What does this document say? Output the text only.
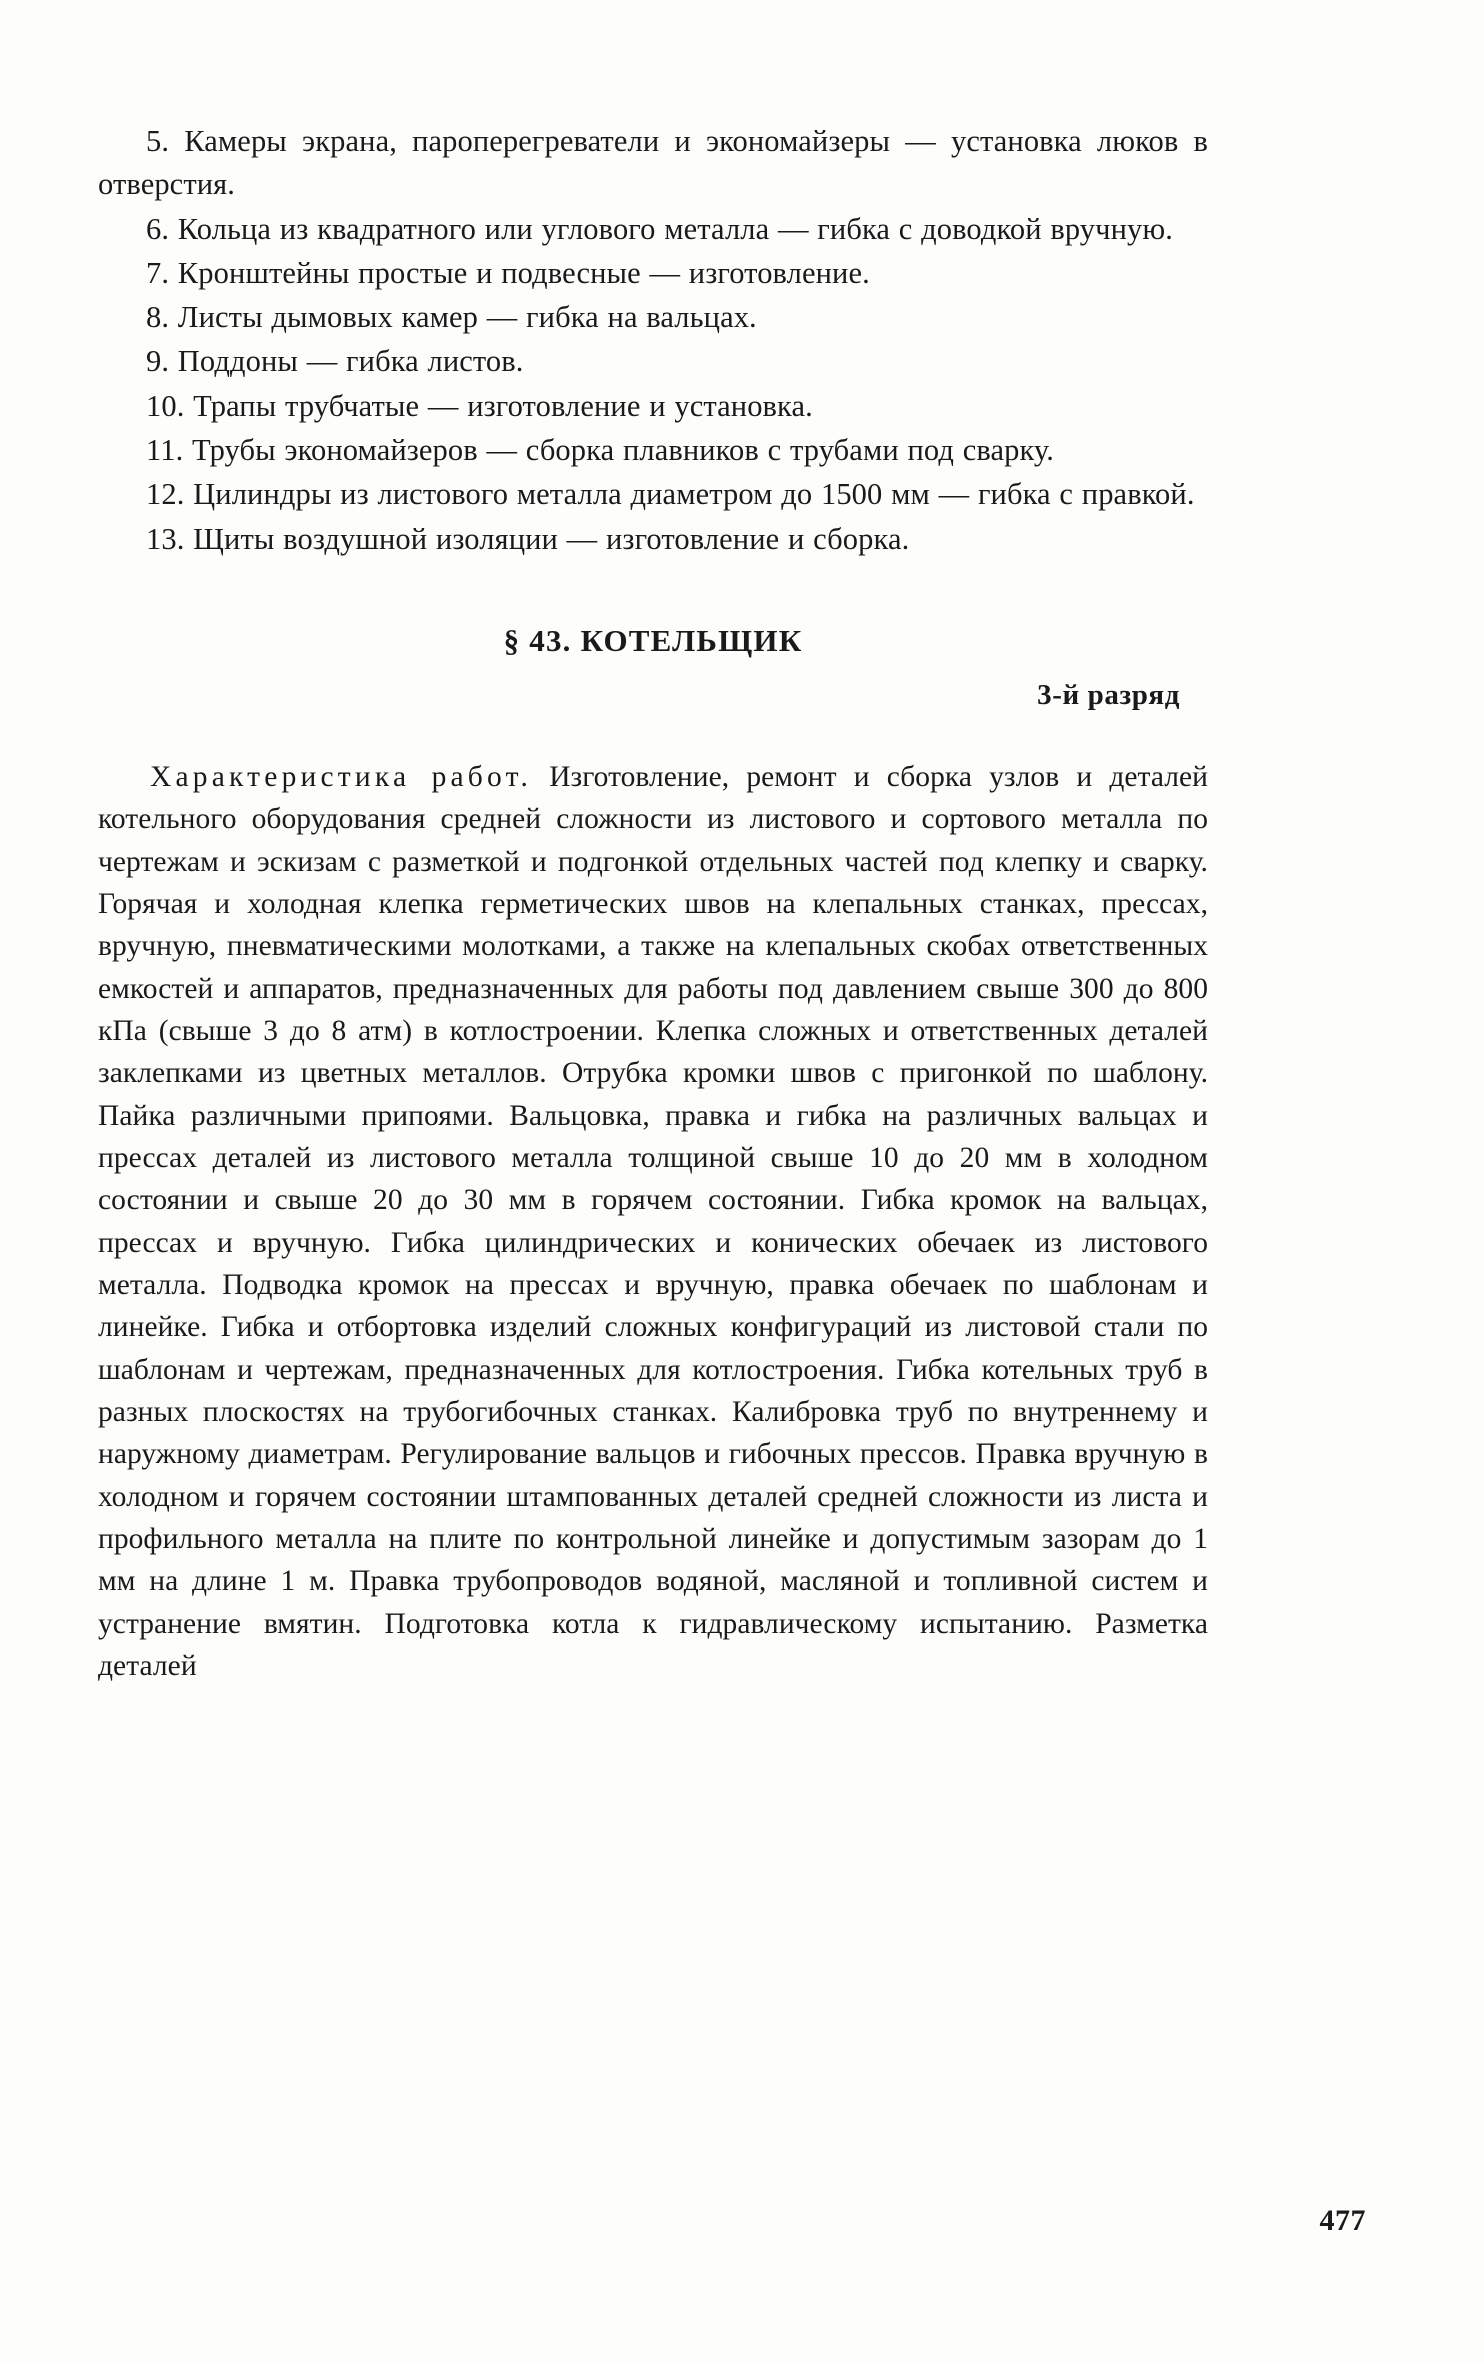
5. Камеры экрана, пароперегреватели и экономайзеры — установка люков в отверстия.
6. Кольца из квадратного или углового металла — гибка с доводкой вручную.
7. Кронштейны простые и подвесные — изготовление.
8. Листы дымовых камер — гибка на вальцах.
9. Поддоны — гибка листов.
10. Трапы трубчатые — изготовление и установка.
11. Трубы экономайзеров — сборка плавников с трубами под сварку.
12. Цилиндры из листового металла диаметром до 1500 мм — гибка с правкой.
13. Щиты воздушной изоляции — изготовление и сборка.
§ 43. КОТЕЛЬЩИК
3-й разряд

Характеристика работ. Изготовление, ремонт и сборка узлов и деталей котельного оборудования средней сложности из листового и сортового металла по чертежам и эскизам с разметкой и подгонкой отдельных частей под клепку и сварку. Горячая и холодная клепка герметических швов на клепальных станках, прессах, вручную, пневматическими молотками, а также на клепальных скобах ответственных емкостей и аппаратов, предназначенных для работы под давлением свыше 300 до 800 кПа (свыше 3 до 8 атм) в котлостроении. Клепка сложных и ответственных деталей заклепками из цветных металлов. Отрубка кромки швов с пригонкой по шаблону. Пайка различными припоями. Вальцовка, правка и гибка на различных вальцах и прессах деталей из листового металла толщиной свыше 10 до 20 мм в холодном состоянии и свыше 20 до 30 мм в горячем состоянии. Гибка кромок на вальцах, прессах и вручную. Гибка цилиндрических и конических обечаек из листового металла. Подводка кромок на прессах и вручную, правка обечаек по шаблонам и линейке. Гибка и отбортовка изделий сложных конфигураций из листовой стали по шаблонам и чертежам, предназначенных для котлостроения. Гибка котельных труб в разных плоскостях на трубогибочных станках. Калибровка труб по внутреннему и наружному диаметрам. Регулирование вальцов и гибочных прессов. Правка вручную в холодном и горячем состоянии штампованных деталей средней сложности из листа и профильного металла на плите по контрольной линейке и допустимым зазорам до 1 мм на длине 1 м. Правка трубопроводов водяной, масляной и топливной систем и устранение вмятин. Подготовка котла к гидравлическому испытанию. Разметка деталей

477
